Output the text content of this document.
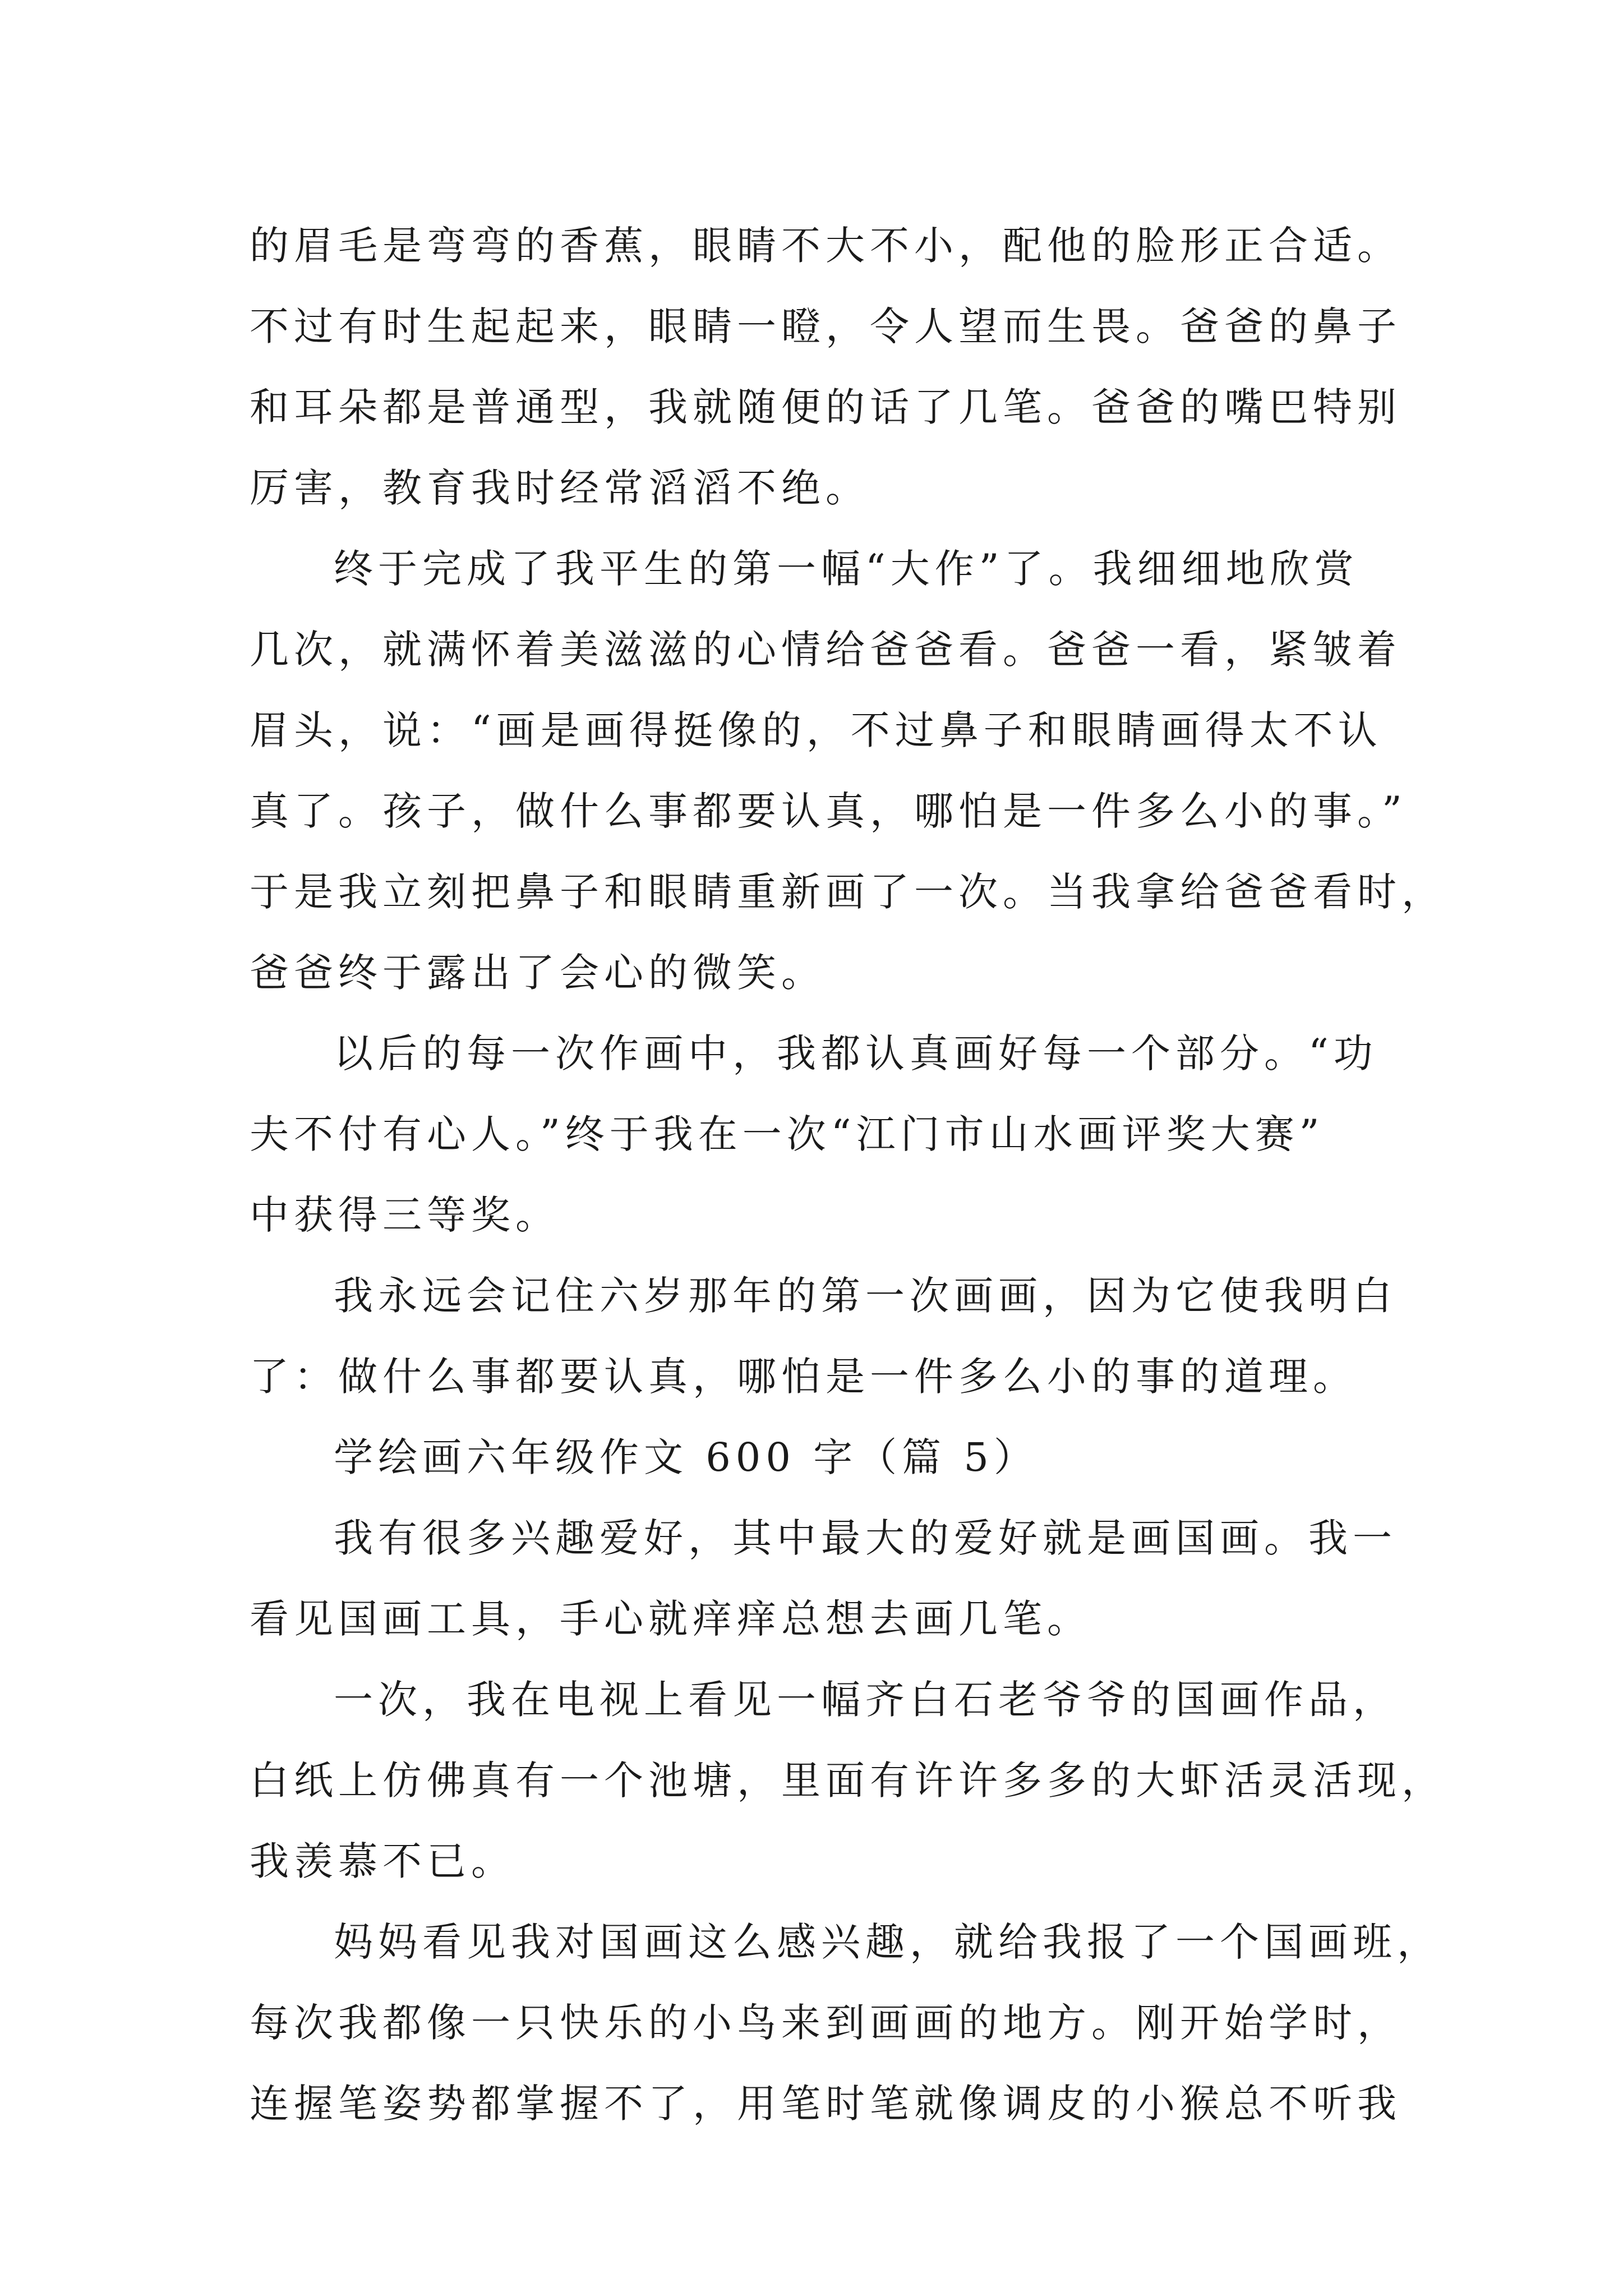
的眉毛是弯弯的香蕉，眼睛不大不小，配他的脸形正合适。
不过有时生起起来，眼睛一瞪，令人望而生畏。爸爸的鼻子
和耳朵都是普通型，我就随便的话了几笔。爸爸的嘴巴特别
厉害，教育我时经常滔滔不绝。
终于完成了我平生的第一幅“大作”了。我细细地欣赏
几次，就满怀着美滋滋的心情给爸爸看。爸爸一看，紧皱着
眉头，说：“画是画得挺像的，不过鼻子和眼睛画得太不认
真了。孩子，做什么事都要认真，哪怕是一件多么小的事。”
于是我立刻把鼻子和眼睛重新画了一次。当我拿给爸爸看时，
爸爸终于露出了会心的微笑。
以后的每一次作画中，我都认真画好每一个部分。“功
夫不付有心人。”终于我在一次“江门市山水画评奖大赛”
中获得三等奖。
我永远会记住六岁那年的第一次画画，因为它使我明白
了：做什么事都要认真，哪怕是一件多么小的事的道理。
学绘画六年级作文 600 字（篇 5）
我有很多兴趣爱好，其中最大的爱好就是画国画。我一
看见国画工具，手心就痒痒总想去画几笔。
一次，我在电视上看见一幅齐白石老爷爷的国画作品，
白纸上仿佛真有一个池塘，里面有许许多多的大虾活灵活现，
我羡慕不已。
妈妈看见我对国画这么感兴趣，就给我报了一个国画班，
每次我都像一只快乐的小鸟来到画画的地方。刚开始学时，
连握笔姿势都掌握不了，用笔时笔就像调皮的小猴总不听我
